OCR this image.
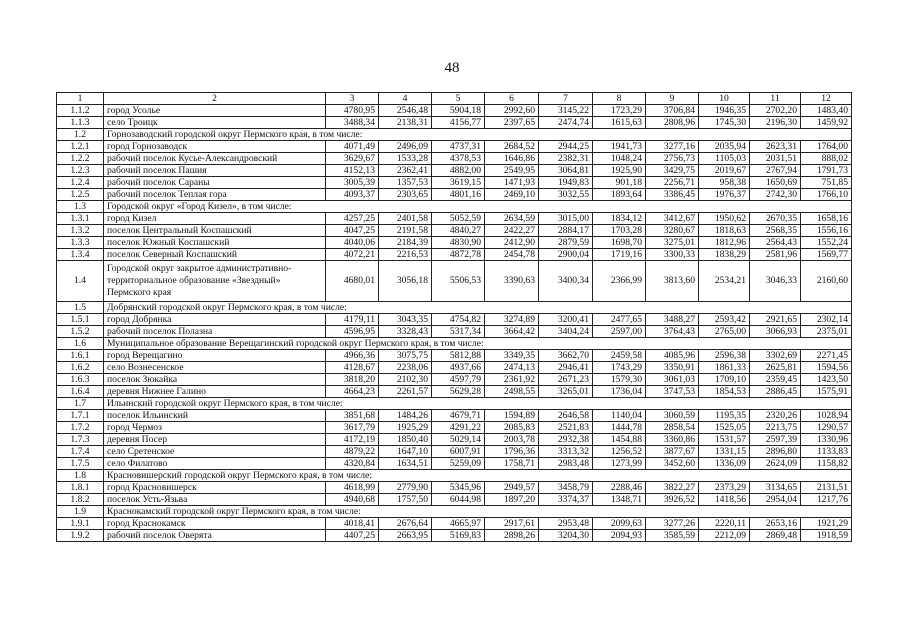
48
1	2	3	4	5	6	7	8	9	10	11	12
1.1.2	город Усолье	4780,95	2546,48	5904,18	2992,60	3145,22	1723,29	3706,84	1946,35	2702,20	1483,40
1.1.3	село Троицк	3488,34	2138,31	4156,77	2397,65	2474,74	1615,63	2808,96	1745,30	2196,30	1459,92
1.2	Горнозаводский городской округ Пермского края, в том числе:										
1.2.1	город Горнозаводск	4071,49	2496,09	4737,31	2684,52	2944,25	1941,73	3277,16	2035,94	2623,31	1764,00
1.2.2	рабочий поселок Кусье-Александровский	3629,67	1533,28	4378,53	1646,86	2382,31	1048,24	2756,73	1105,03	2031,51	888,02
1.2.3	рабочий поселок Пашия	4152,13	2362,41	4882,00	2549,95	3064,81	1925,90	3429,75	2019,67	2767,94	1791,73
1.2.4	рабочий поселок Сараны	3005,39	1357,53	3619,15	1471,93	1949,83	901,18	2256,71	958,38	1650,69	751,85
1.2.5	рабочий поселок Теплая гора	4093,37	2303,65	4801,16	2469,10	3032,55	1893,64	3386,45	1976,37	2742,30	1766,10
1.3	Городской округ «Город Кизел», в том числе:										
1.3.1	город Кизел	4257,25	2401,58	5052,59	2634,59	3015,00	1834,12	3412,67	1950,62	2670,35	1658,16
1.3.2	поселок Центральный Коспашский	4047,25	2191,58	4840,27	2422,27	2884,17	1703,28	3280,67	1818,63	2568,35	1556,16
1.3.3	поселок Южный Коспашский	4040,06	2184,39	4830,90	2412,90	2879,59	1698,70	3275,01	1812,96	2564,43	1552,24
1.3.4	поселок Северный Коспашский	4072,21	2216,53	4872,78	2454,78	2900,04	1719,16	3300,33	1838,29	2581,96	1569,77
1.4	Городской округ закрытое административно-территориальное образование «Звездный» Пермского края	4680,01	3056,18	5506,53	3390,63	3400,34	2366,99	3813,60	2534,21	3046,33	2160,60
1.5	Добрянский городской округ Пермского края, в том числе:										
1.5.1	город Добрянка	4179,11	3043,35	4754,82	3274,89	3200,41	2477,65	3488,27	2593,42	2921,65	2302,14
1.5.2	рабочий поселок Полазна	4596,95	3328,43	5317,34	3664,42	3404,24	2597,00	3764,43	2765,00	3066,93	2375,01
1.6	Муниципальное образование Верещагинский городской округ Пермского края, в том числе:										
1.6.1	город Верещагино	4966,36	3075,75	5812,88	3349,35	3662,70	2459,58	4085,96	2596,38	3302,69	2271,45
1.6.2	село Вознесенское	4128,67	2238,06	4937,66	2474,13	2946,41	1743,29	3350,91	1861,33	2625,81	1594,56
1.6.3	поселок Зюкайка	3818,20	2102,30	4597,79	2361,92	2671,23	1579,30	3061,03	1709,10	2359,45	1423,50
1.6.4	деревня Нижнее Галино	4664,23	2261,57	5629,28	2498,55	3265,01	1736,04	3747,53	1854,53	2886,45	1575,91
1.7	Ильинский городской округ Пермского края, в том числе:										
1.7.1	поселок Ильинский	3851,68	1484,26	4679,71	1594,89	2646,58	1140,04	3060,59	1195,35	2320,26	1028,94
1.7.2	город Чермоз	3617,79	1925,29	4291,22	2085,83	2521,83	1444,78	2858,54	1525,05	2213,75	1290,57
1.7.3	деревня Посер	4172,19	1850,40	5029,14	2003,78	2932,38	1454,88	3360,86	1531,57	2597,39	1330,96
1.7.4	село Сретенское	4879,22	1647,10	6007,91	1796,36	3313,32	1256,52	3877,67	1331,15	2896,80	1133,83
1.7.5	село Филатово	4320,84	1634,51	5259,09	1758,71	2983,48	1273,99	3452,60	1336,09	2624,09	1158,82
1.8	Красновишерский городской округ Пермского края, в том числе:										
1.8.1	город Красновишерск	4618,99	2779,90	5345,96	2949,57	3458,79	2288,46	3822,27	2373,29	3134,65	2131,51
1.8.2	поселок Усть-Язьва	4940,68	1757,50	6044,98	1897,20	3374,37	1348,71	3926,52	1418,56	2954,04	1217,76
1.9	Краснокамский городской округ Пермского края, в том числе:										
1.9.1	город Краснокамск	4018,41	2676,64	4665,97	2917,61	2953,48	2099,63	3277,26	2220,11	2653,16	1921,29
1.9.2	рабочий поселок Оверята	4407,25	2663,95	5169,83	2898,26	3204,30	2094,93	3585,59	2212,09	2869,48	1918,59
